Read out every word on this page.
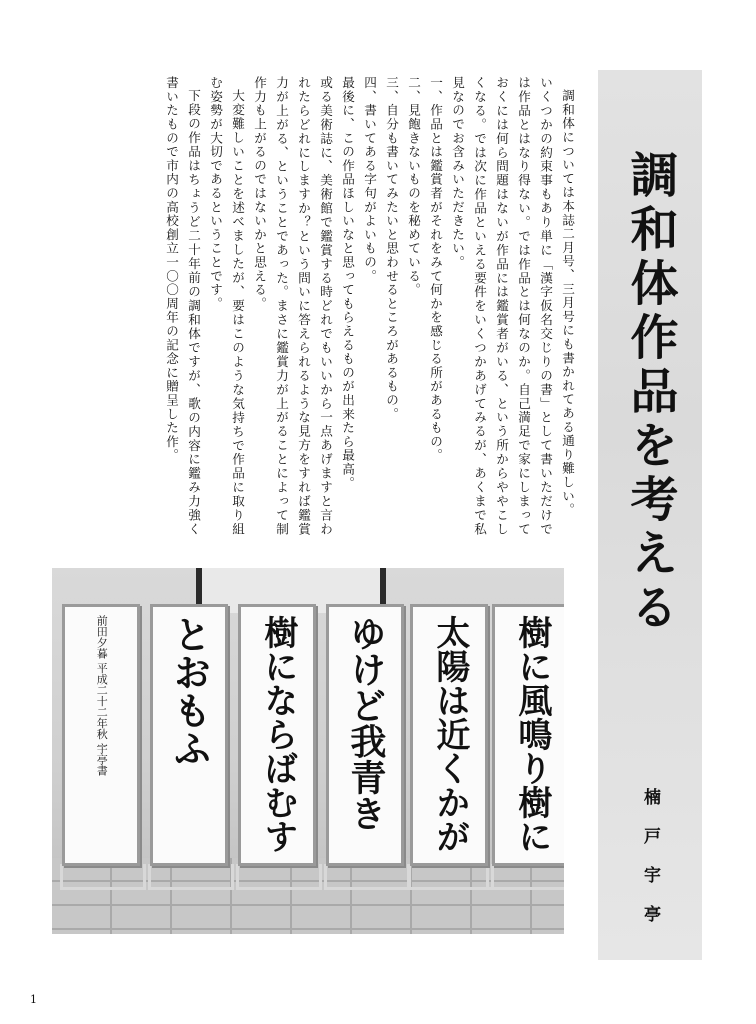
調和体作品を考える
楠戸宇亭

調和体については本誌二月号、三月号にも書かれてある通り難しい。

いくつかの約束事もあり単に「漢字仮名交じりの書」として書いただけでは作品とはなり得ない。では作品とは何なのか。自己満足で家にしまっておくには何ら問題はないが作品には鑑賞者がいる、という所からややこしくなる。では次に作品といえる要件をいくつかあげてみるが、あくまで私見なのでお含みいただきたい。

一、作品とは鑑賞者がそれをみて何かを感じる所があるもの。

二、見飽きないものを秘めている。

三、自分も書いてみたいと思わせるところがあるもの。

四、書いてある字句がよいもの。

最後に、この作品ほしいなと思ってもらえるものが出来たら最高。

或る美術誌に、美術館で鑑賞する時どれでもいいから一点あげますと言われたらどれにしますか？という問いに答えられるような見方をすれば鑑賞力が上がる、ということであった。まさに鑑賞力が上がることによって制作力も上がるのではないかと思える。

大変難しいことを述べましたが、要はこのような気持ちで作品に取り組む姿勢が大切であるということです。

下段の作品はちょうど二十年前の調和体ですが、歌の内容に鑑み力強く書いたもので市内の高校創立一〇〇周年の記念に贈呈した作。

樹に風鳴り樹に
太陽は近くかが
ゆけど我青き
樹にならばむす
とおもふ
前田夕暮 平成二十二年秋 宇亭書
1
